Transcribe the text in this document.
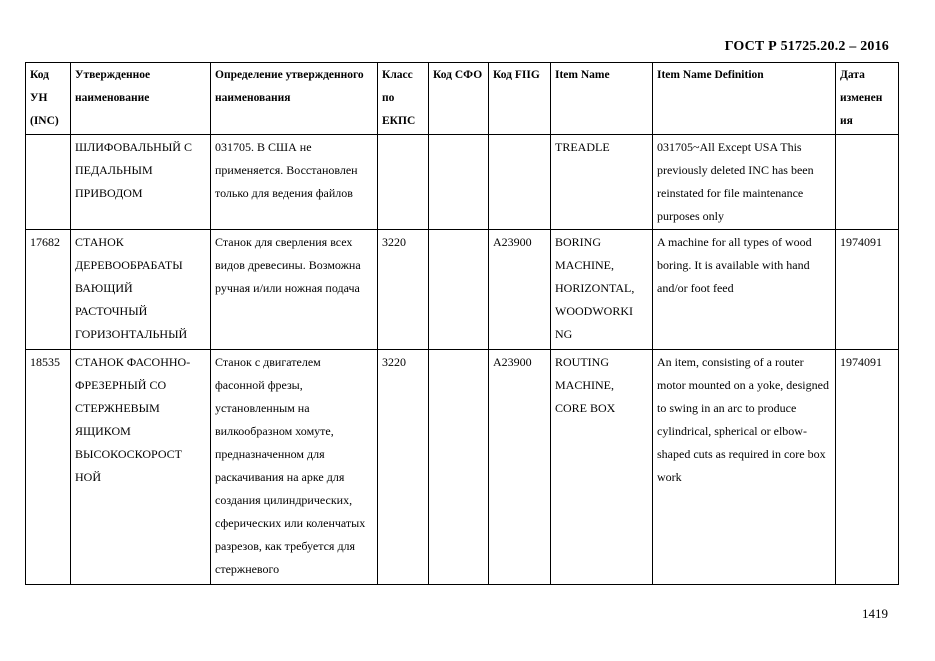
ГОСТ Р 51725.20.2 – 2016
Код УН (INC)	Утвержденное наименование	Определение утвержденного наименования	Класс по ЕКПС	Код СФО	Код FIIG	Item Name	Item Name Definition	Дата изменен ия
	ШЛИФОВАЛЬНЫЙ С ПЕДАЛЬНЫМ ПРИВОДОМ	031705. В США не применяется. Восстановлен только для ведения файлов				TREADLE	031705~All Except USA This previously deleted INC has been reinstated for file maintenance purposes only	
17682	СТАНОК ДЕРЕВООБРАБАТЫ ВАЮЩИЙ РАСТОЧНЫЙ ГОРИЗОНТАЛЬНЫЙ	Станок для сверления всех видов древесины. Возможна ручная и/или ножная подача	3220		A23900	BORING MACHINE, HORIZONTAL, WOODWORKI NG	A machine for all types of wood boring. It is available with hand and/or foot feed	1974091
18535	СТАНОК ФАСОННО- ФРЕЗЕРНЫЙ СО СТЕРЖНЕВЫМ ЯЩИКОМ ВЫСОКОСКОРОСТ НОЙ	Станок с двигателем фасонной фрезы, установленным на вилкообразном хомуте, предназначенном для раскачивания на арке для создания цилиндрических, сферических или коленчатых разрезов, как требуется для стержневого	3220		A23900	ROUTING MACHINE, CORE BOX	An item, consisting of a router motor mounted on a yoke, designed to swing in an arc to produce cylindrical, spherical or elbow-shaped cuts as required in core box work	1974091
1419
